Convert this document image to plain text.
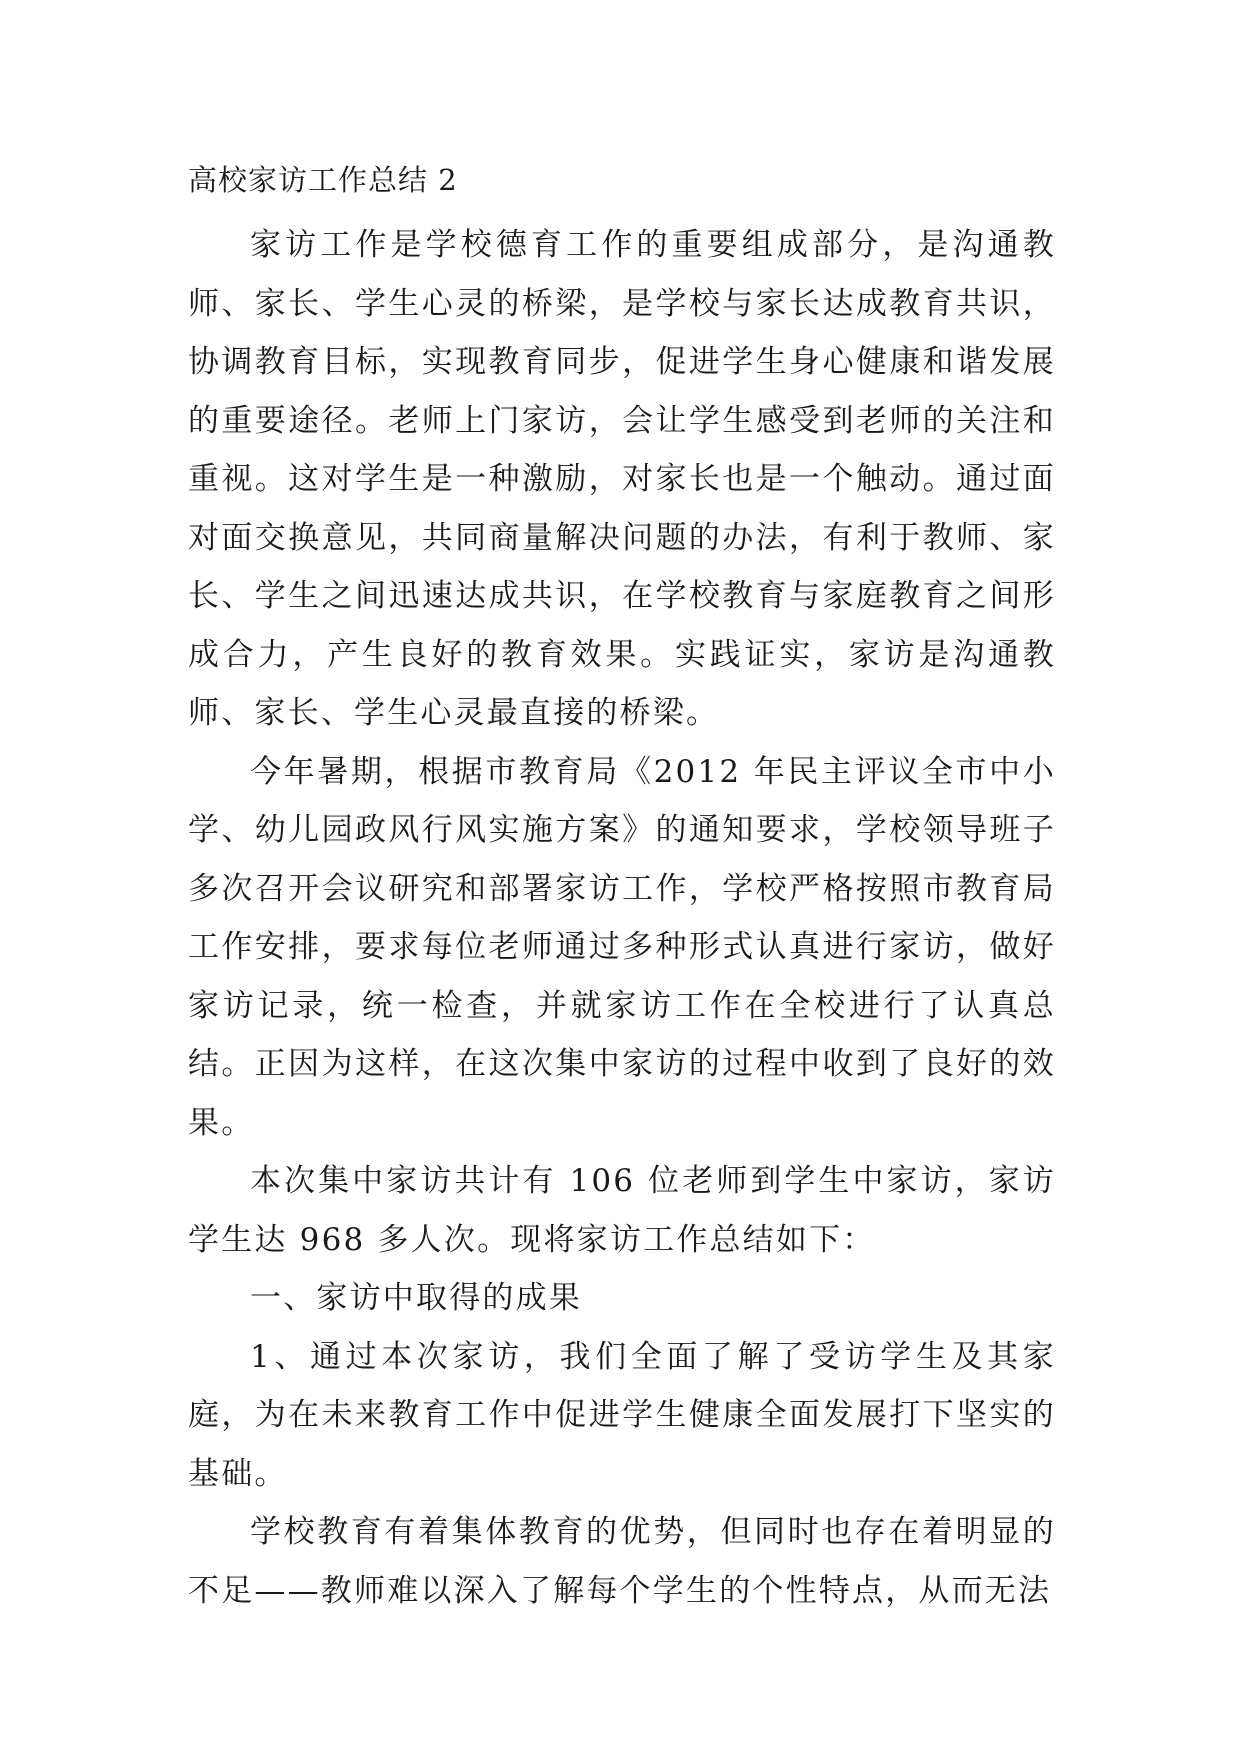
高校家访工作总结 2

家访工作是学校德育工作的重要组成部分，是沟通教师、家长、学生心灵的桥梁，是学校与家长达成教育共识，协调教育目标，实现教育同步，促进学生身心健康和谐发展的重要途径。老师上门家访，会让学生感受到老师的关注和重视。这对学生是一种激励，对家长也是一个触动。通过面对面交换意见，共同商量解决问题的办法，有利于教师、家长、学生之间迅速达成共识，在学校教育与家庭教育之间形成合力，产生良好的教育效果。实践证实，家访是沟通教师、家长、学生心灵最直接的桥梁。

今年暑期，根据市教育局《2012 年民主评议全市中小学、幼儿园政风行风实施方案》的通知要求，学校领导班子多次召开会议研究和部署家访工作，学校严格按照市教育局工作安排，要求每位老师通过多种形式认真进行家访，做好家访记录，统一检查，并就家访工作在全校进行了认真总结。正因为这样，在这次集中家访的过程中收到了良好的效果。

本次集中家访共计有 106 位老师到学生中家访，家访学生达 968 多人次。现将家访工作总结如下：

一、家访中取得的成果

1、通过本次家访，我们全面了解了受访学生及其家庭，为在未来教育工作中促进学生健康全面发展打下坚实的基础。

学校教育有着集体教育的优势，但同时也存在着明显的不足——教师难以深入了解每个学生的个性特点，从而无法
